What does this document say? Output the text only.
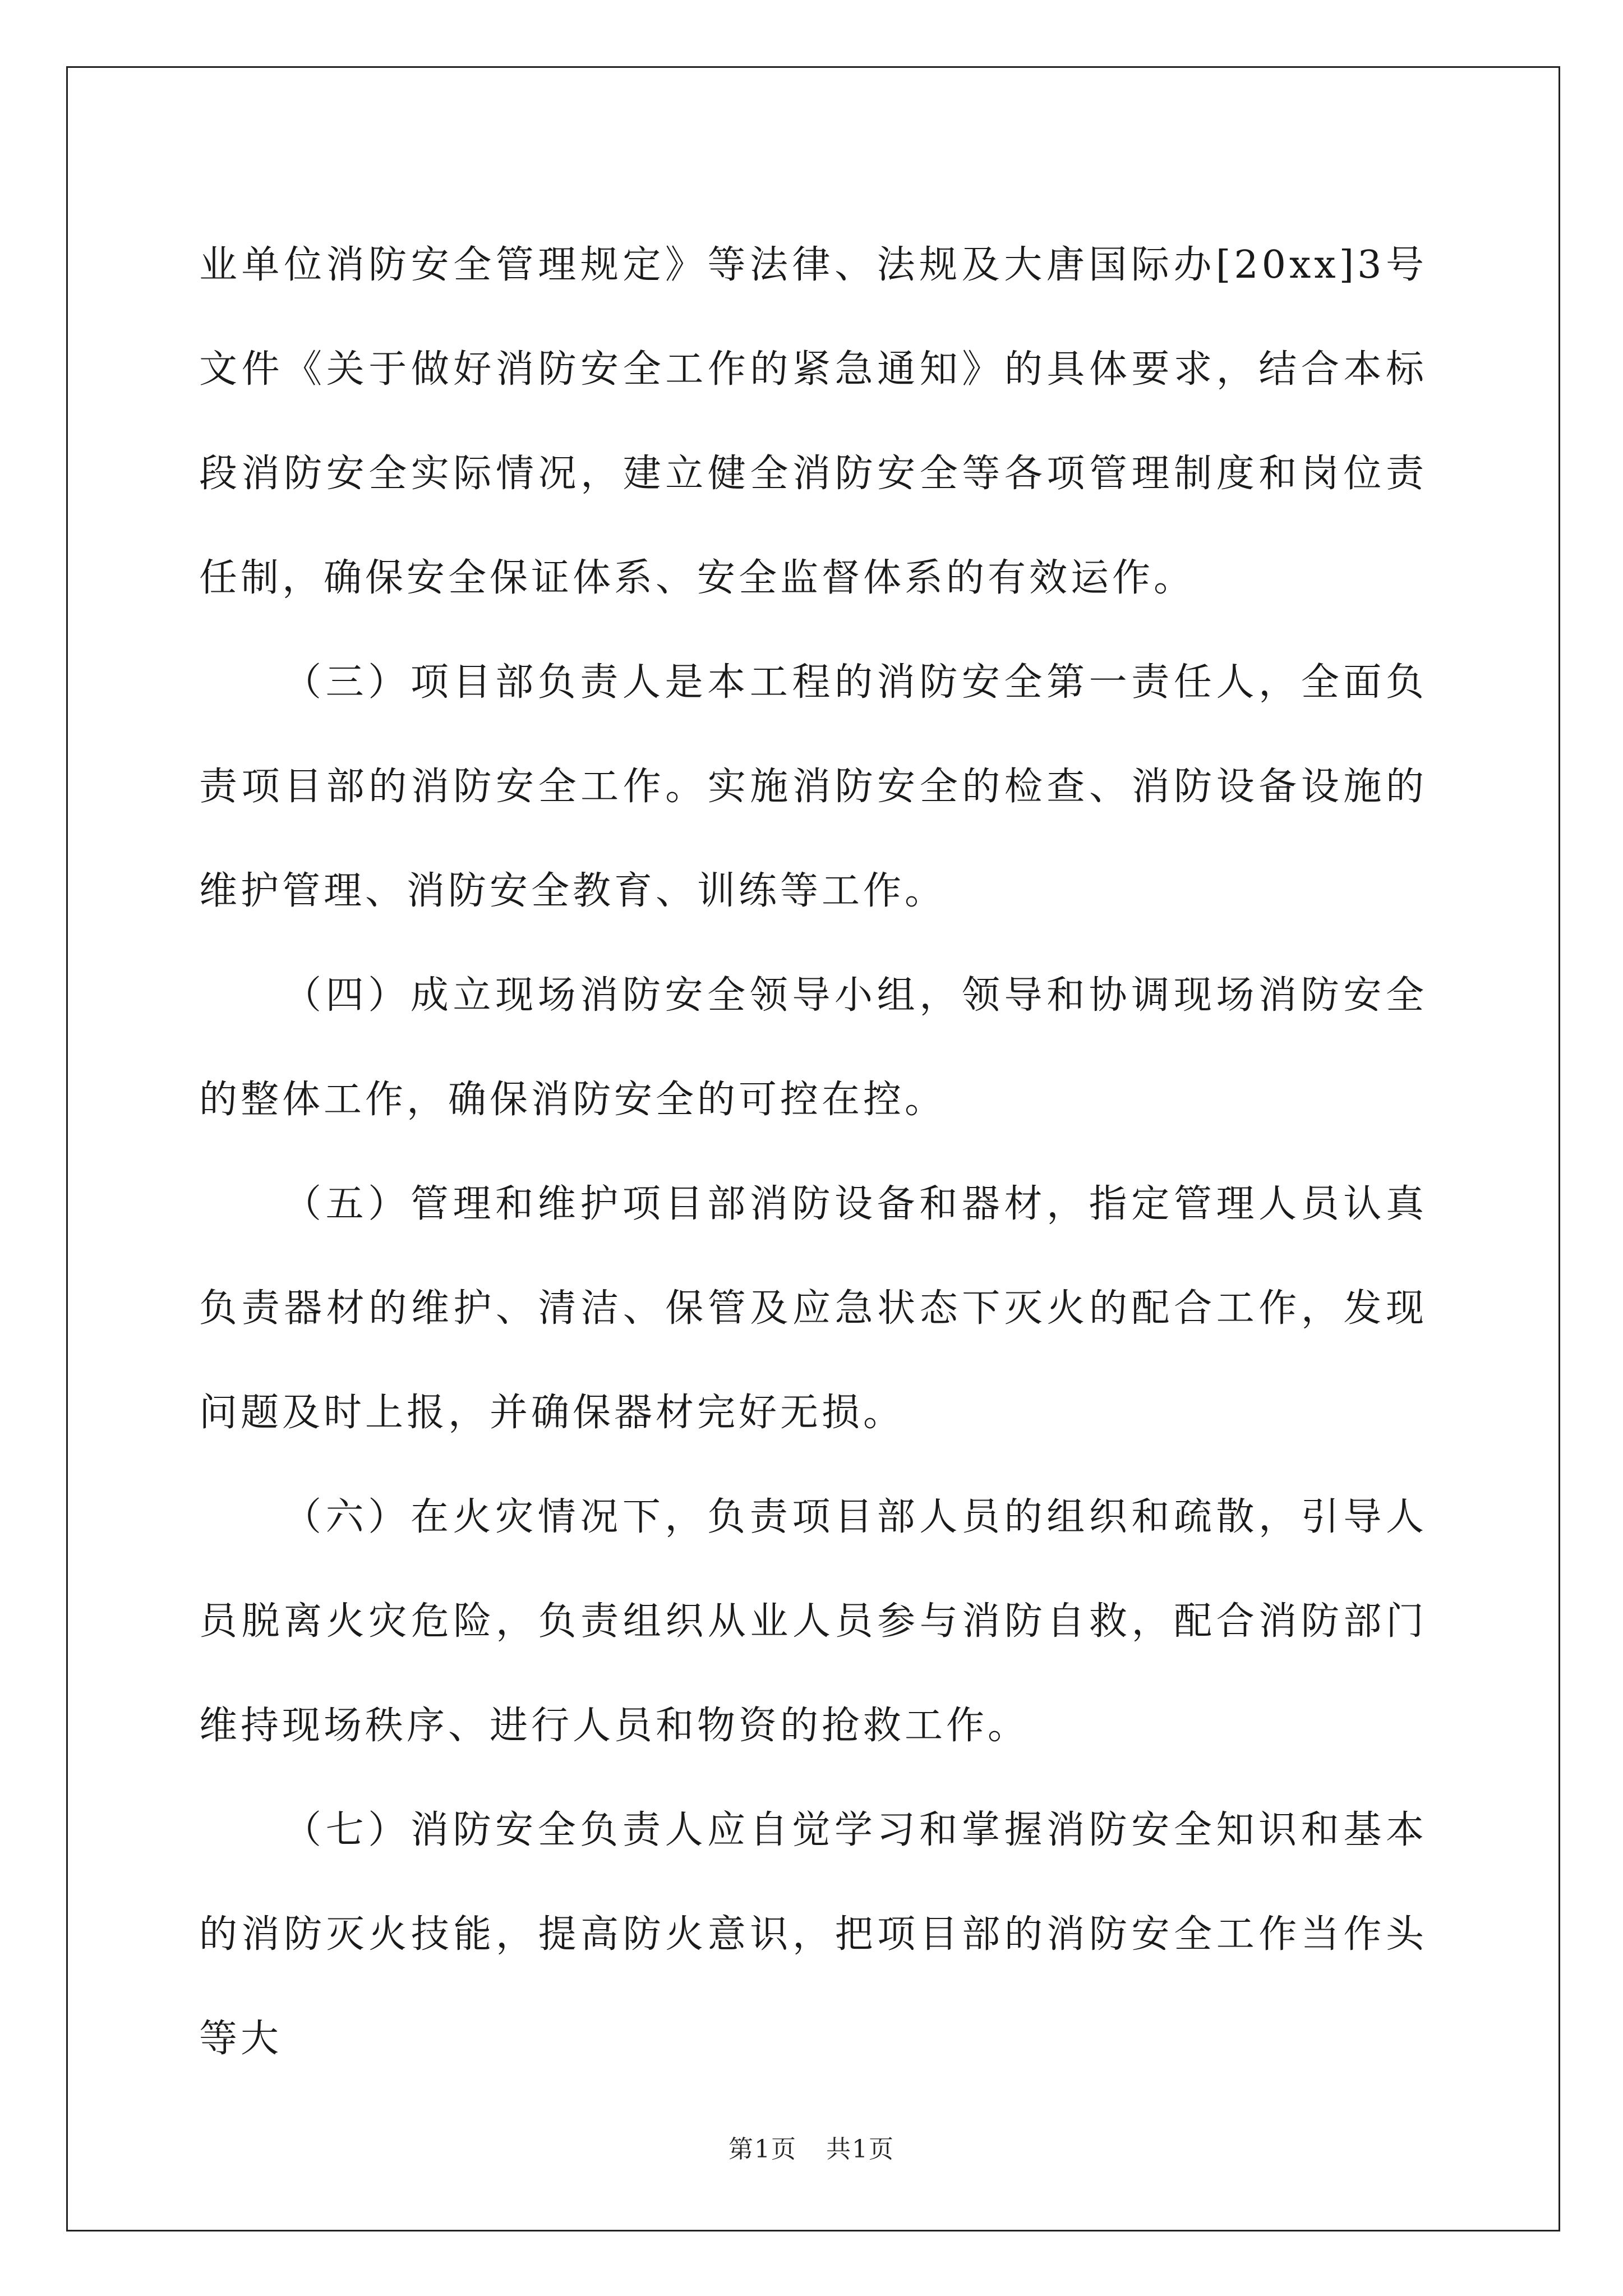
业单位消防安全管理规定》等法律、法规及大唐国际办[20xx]3号文件《关于做好消防安全工作的紧急通知》的具体要求，结合本标段消防安全实际情况，建立健全消防安全等各项管理制度和岗位责任制，确保安全保证体系、安全监督体系的有效运作。

（三）项目部负责人是本工程的消防安全第一责任人，全面负责项目部的消防安全工作。实施消防安全的检查、消防设备设施的维护管理、消防安全教育、训练等工作。

（四）成立现场消防安全领导小组，领导和协调现场消防安全的整体工作，确保消防安全的可控在控。

（五）管理和维护项目部消防设备和器材，指定管理人员认真负责器材的维护、清洁、保管及应急状态下灭火的配合工作，发现问题及时上报，并确保器材完好无损。

（六）在火灾情况下，负责项目部人员的组织和疏散，引导人员脱离火灾危险，负责组织从业人员参与消防自救，配合消防部门维持现场秩序、进行人员和物资的抢救工作。

（七）消防安全负责人应自觉学习和掌握消防安全知识和基本的消防灭火技能，提高防火意识，把项目部的消防安全工作当作头等大

第1页 共1页
